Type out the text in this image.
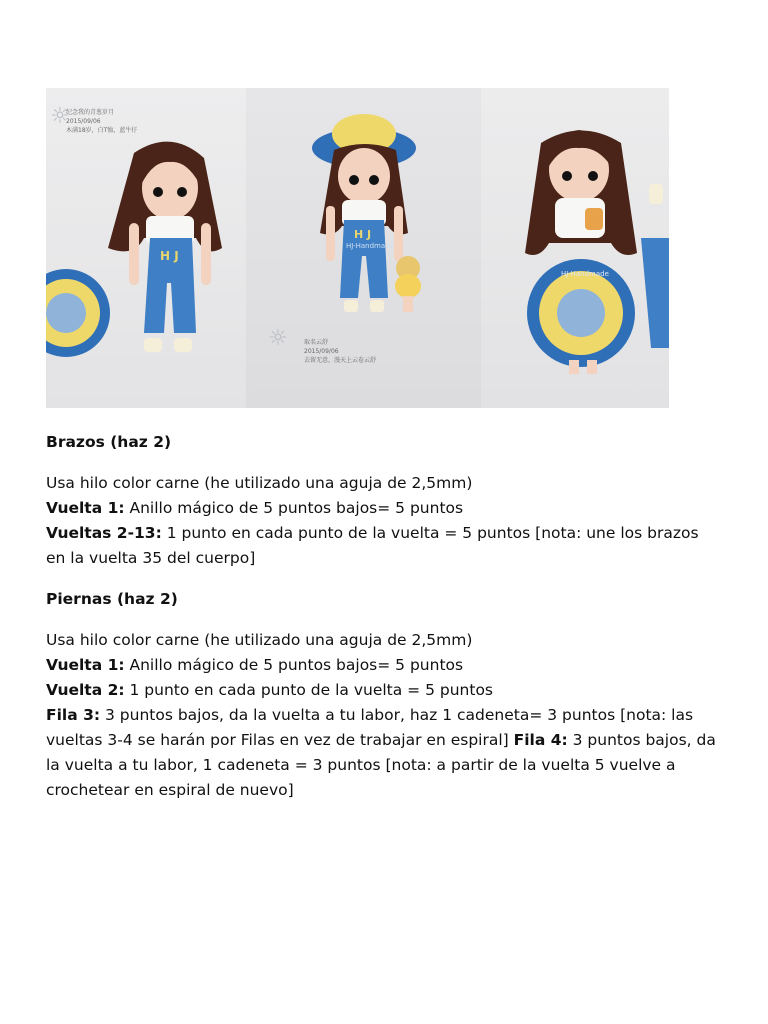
☼
纪念我的青葱岁月
2015/09/06
木满18岁，白T恤，蓝牛仔
H J
H J
HJ-Handmade
☼	取名云舒
2015/09/06
去留无意，漫天上云卷云舒
HJ-Handmade

Brazos (haz 2)

Usa hilo color carne (he utilizado una aguja de 2,5mm)

Vuelta 1: Anillo mágico de 5 puntos bajos= 5 puntos

Vueltas 2-13: 1 punto en cada punto de la vuelta = 5 puntos [nota: une los brazos en la vuelta 35 del cuerpo]

Piernas (haz 2)

Usa hilo color carne (he utilizado una aguja de 2,5mm)

Vuelta 1: Anillo mágico de 5 puntos bajos= 5 puntos

Vuelta 2: 1 punto en cada punto de la vuelta = 5 puntos

Fila 3: 3 puntos bajos, da la vuelta a tu labor, haz 1 cadeneta= 3 puntos [nota: las vueltas 3-4 se harán por Filas en vez de trabajar en espiral] Fila 4: 3 puntos bajos, da la vuelta a tu labor, 1 cadeneta = 3 puntos [nota: a partir de la vuelta 5 vuelve a crochetear en espiral de nuevo]
